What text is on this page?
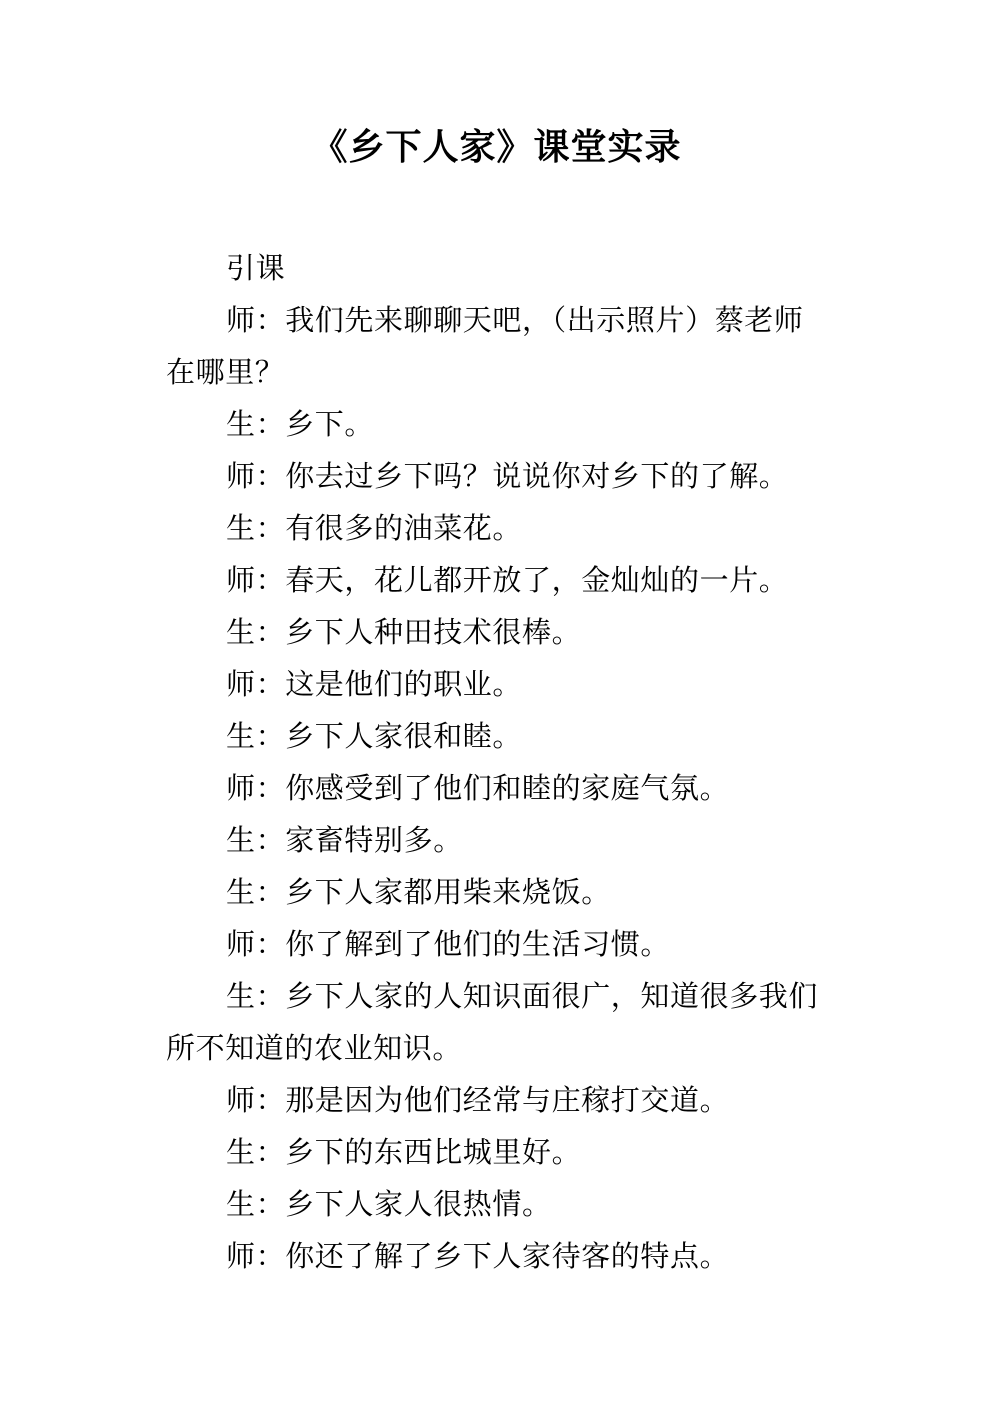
《乡下人家》课堂实录

引课

师：我们先来聊聊天吧，（出示照片）蔡老师在哪里？

生：乡下。

师：你去过乡下吗？说说你对乡下的了解。

生：有很多的油菜花。

师：春天，花儿都开放了，金灿灿的一片。

生：乡下人种田技术很棒。

师：这是他们的职业。

生：乡下人家很和睦。

师：你感受到了他们和睦的家庭气氛。

生：家畜特别多。

生：乡下人家都用柴来烧饭。

师：你了解到了他们的生活习惯。

生：乡下人家的人知识面很广，知道很多我们所不知道的农业知识。

师：那是因为他们经常与庄稼打交道。

生：乡下的东西比城里好。

生：乡下人家人很热情。

师：你还了解了乡下人家待客的特点。
